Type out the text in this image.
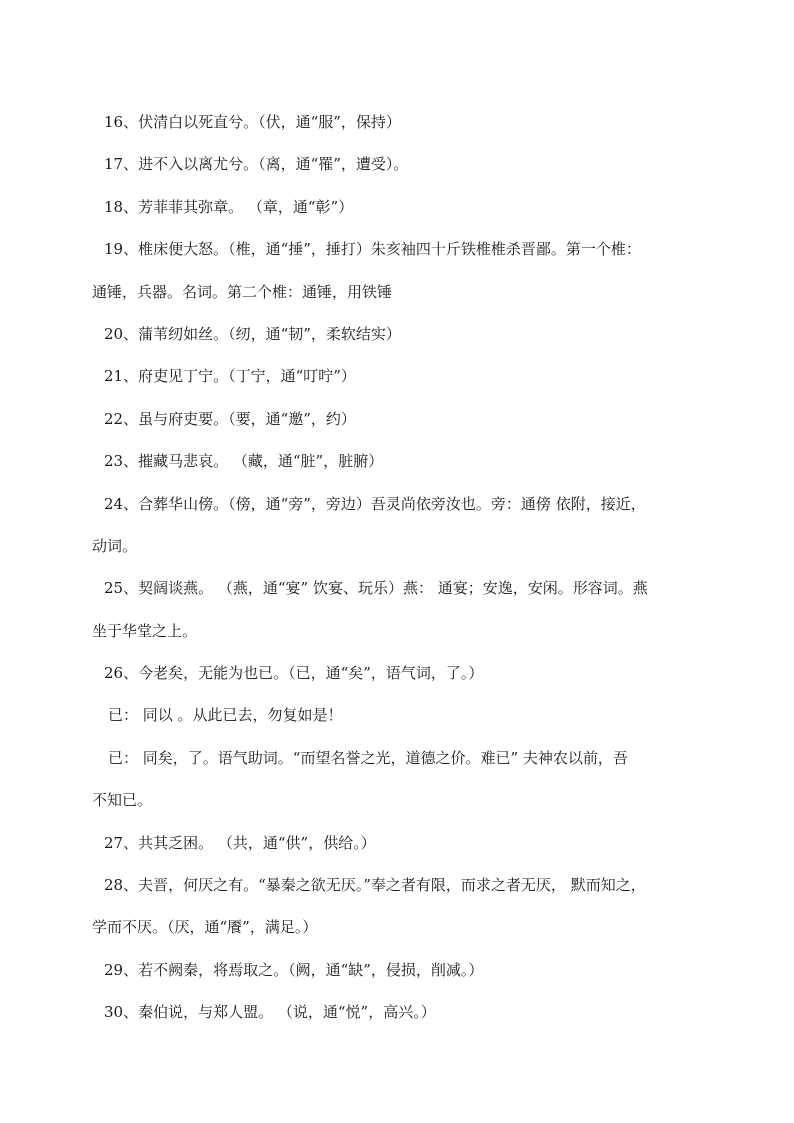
16、伏清白以死直兮。（伏，通“服”，保持）

17、进不入以离尤兮。（离，通“罹”，遭受）。

18、芳菲菲其弥章。 （章，通“彰”）

19、椎床便大怒。（椎，通“捶”，捶打）朱亥袖四十斤铁椎椎杀晋鄙。第一个椎：

通锤，兵器。名词。第二个椎：通锤，用铁锤

20、蒲苇纫如丝。（纫，通“韧”，柔软结实）

21、府吏见丁宁。（丁宁，通“叮咛”）

22、虽与府吏要。（要，通“邀”，约）

23、摧藏马悲哀。 （藏，通“脏”，脏腑）

24、合葬华山傍。（傍，通“旁”，旁边）吾灵尚依旁汝也。旁：通傍 依附，接近，

动词。

25、契阔谈燕。 （燕，通“宴” 饮宴、玩乐）燕： 通宴；安逸，安闲。形容词。燕

坐于华堂之上。

26、今老矣，无能为也已。（已，通“矣”，语气词，了。）

已： 同以 。从此已去，勿复如是！

已： 同矣，了。语气助词。“而望名誉之光，道德之价。难已” 夫神农以前，吾

不知已。

27、共其乏困。 （共，通“供”，供给。）

28、夫晋，何厌之有。“暴秦之欲无厌。”奉之者有限，而求之者无厌， 默而知之，

学而不厌。（厌，通“餍”，满足。）

29、若不阙秦，将焉取之。（阙，通“缺”，侵损，削减。）

30、秦伯说，与郑人盟。 （说，通“悦”，高兴。）
